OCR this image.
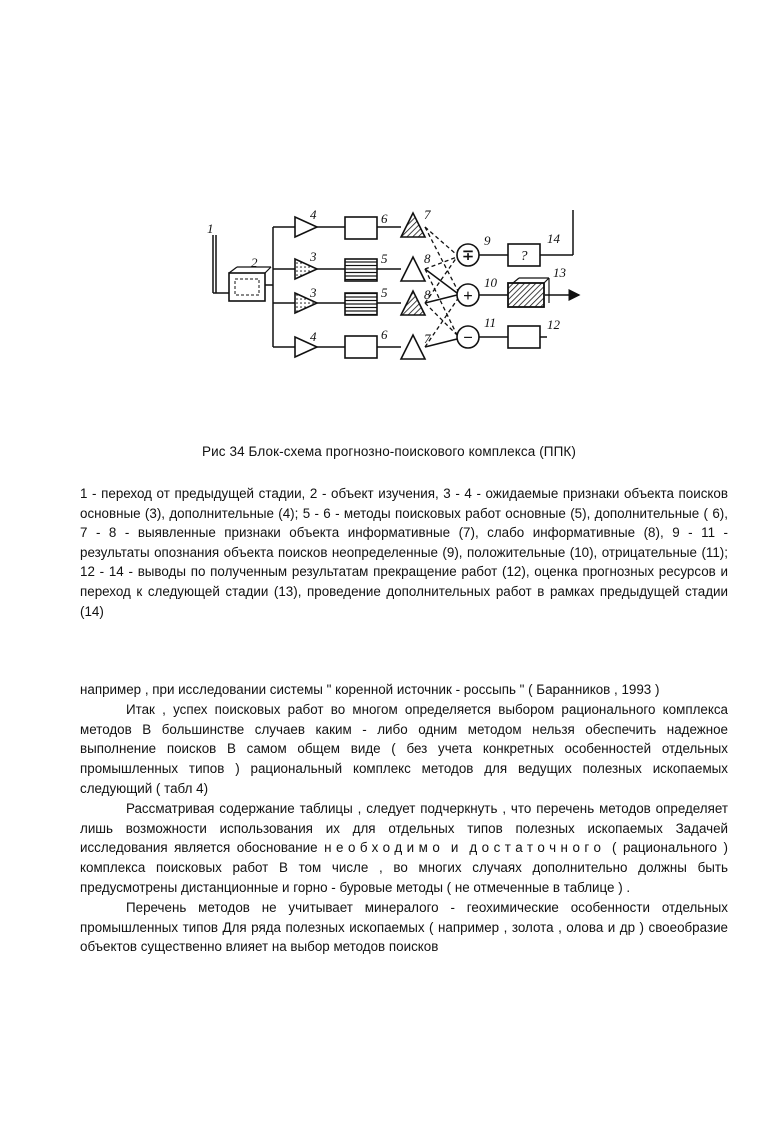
∓
+
−
?
1
2	3
3
4
4
5
5
6
6
7
7
8
8
9
10
11	12
13
14
Рис 34 Блок-схема прогнозно-поискового комплекса (ППК)
1 - переход от предыдущей стадии, 2 - объект изучения, 3 - 4 - ожидаемые признаки объекта поисков основные (3), дополнительные (4); 5 - 6 - методы поисковых работ основные (5), дополнительные ( 6), 7 - 8 - выявленные признаки объекта информативные (7), слабо информативные (8), 9 - 11 - результаты опознания объекта поисков неопределенные (9), положительные (10), отрицательные (11); 12 - 14 - выводы по полученным результатам прекращение работ (12), оценка прогнозных ресурсов и переход к следующей стадии (13), проведение дополнительных работ в рамках предыдущей стадии (14)

например , при исследовании системы " коренной источник - россыпь " ( Баранников , 1993 )

Итак , успех поисковых работ во многом определяется выбором рационального комплекса методов В большинстве случаев каким - либо одним методом нельзя обеспечить надежное выполнение поисков В самом общем виде ( без учета конкретных особенностей отдельных промышленных типов ) рациональный комплекс методов для ведущих полезных ископаемых следующий ( табл 4)

Рассматривая содержание таблицы , следует подчеркнуть , что перечень методов определяет лишь возможности использования их для отдельных типов полезных ископаемых Задачей исследования является обоснование необходимо и достаточного ( рационального ) комплекса поисковых работ В том числе , во многих случаях дополнительно должны быть предусмотрены дистанционные и горно - буровые методы ( не отмеченные в таблице ) .

Перечень методов не учитывает минералого - геохимические особенности отдельных промышленных типов Для ряда полезных ископаемых ( например , золота , олова и др ) своеобразие объектов существенно влияет на выбор методов поисков
